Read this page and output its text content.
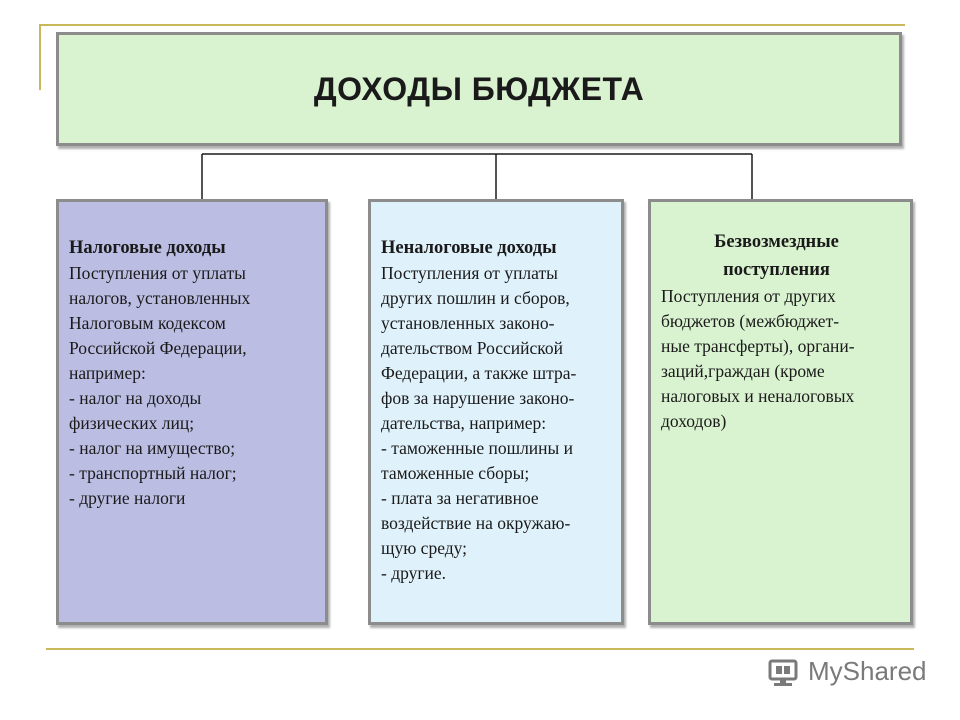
ДОХОДЫ БЮДЖЕТА
Налоговые доходы
Поступления от уплаты
налогов, установленных
Налоговым кодексом
Российской Федерации,
например:
- налог на доходы
физических лиц;
- налог на имущество;
- транспортный налог;
- другие налоги
Неналоговые доходы
Поступления от уплаты
других пошлин и сборов,
установленных законо-
дательством Российской
Федерации, а также штра-
фов за нарушение законо-
дательства, например:
- таможенные пошлины и
таможенные сборы;
- плата за негативное
воздействие на окружаю-
щую среду;
- другие.
Безвозмездные
поступления
Поступления от других
бюджетов (межбюджет-
ные трансферты), органи-
заций,граждан (кроме
налоговых и неналоговых
доходов)
MyShared
